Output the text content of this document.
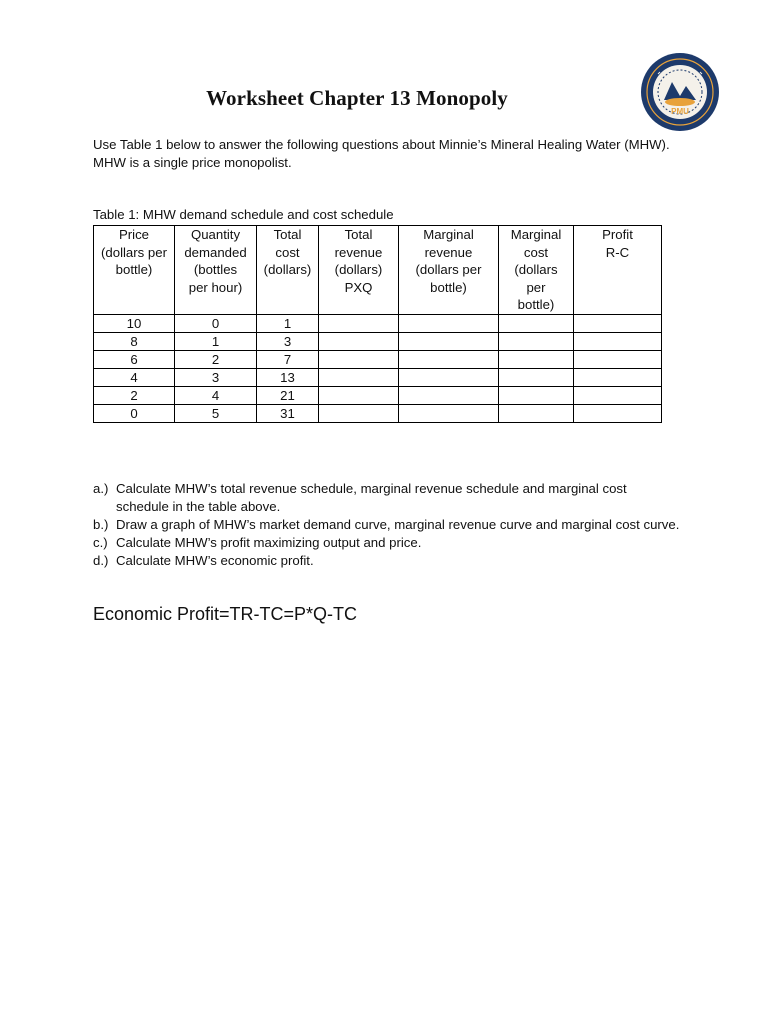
Worksheet Chapter 13 Monopoly
PMU
Use Table 1 below to answer the following questions about Minnie’s Mineral Healing Water (MHW). MHW is a single price monopolist.
Table 1: MHW demand schedule and cost schedule
Price
(dollars per
bottle)	Quantity
demanded
(bottles
per hour)	Total
cost
(dollars)	Total
revenue
(dollars)
PXQ	Marginal
revenue
(dollars per
bottle)	Marginal
cost
(dollars
per
bottle)	Profit
R-C

10	0	1				
8	1	3				
6	2	7				
4	3	13				
2	4	21				
0	5	31				
a.) Calculate MHW’s total revenue schedule, marginal revenue schedule and marginal cost schedule in the table above.
b.) Draw a graph of MHW’s market demand curve, marginal revenue curve and marginal cost curve.
c.) Calculate MHW’s profit maximizing output and price.
d.) Calculate MHW’s economic profit.
Economic Profit=TR-TC=P*Q-TC
